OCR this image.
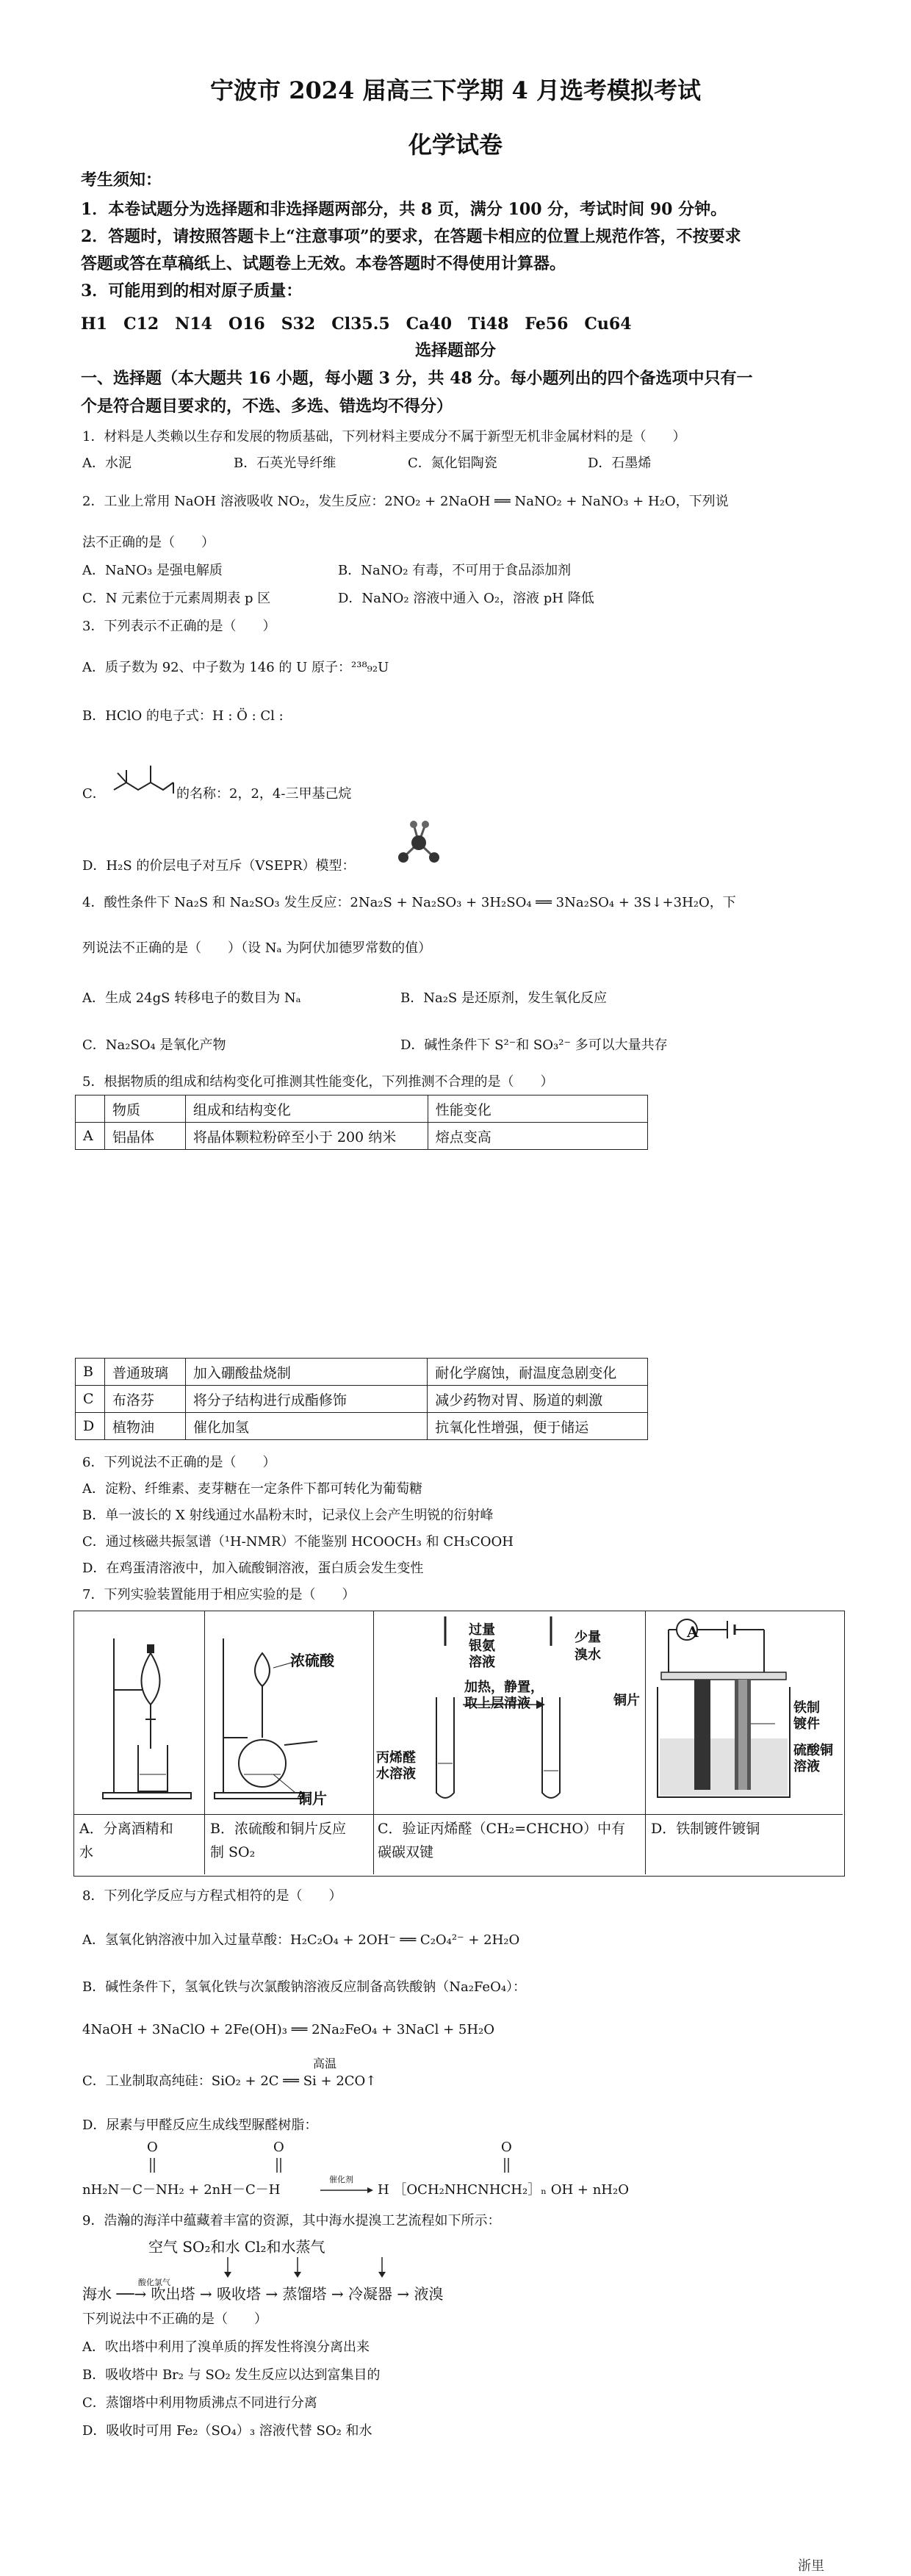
宁波市 2024 届高三下学期 4 月选考模拟考试
化学试卷
考生须知：
1．本卷试题分为选择题和非选择题两部分，共 8 页，满分 100 分，考试时间 90 分钟。
2．答题时，请按照答题卡上“注意事项”的要求，在答题卡相应的位置上规范作答，不按要求
答题或答在草稿纸上、试题卷上无效。本卷答题时不得使用计算器。
3．可能用到的相对原子质量：
H1　C12　N14　O16　S32　Cl35.5　Ca40　Ti48　Fe56　Cu64
选择题部分
一、选择题（本大题共 16 小题，每小题 3 分，共 48 分。每小题列出的四个备选项中只有一
个是符合题目要求的，不选、多选、错选均不得分）
1．材料是人类赖以生存和发展的物质基础，下列材料主要成分不属于新型无机非金属材料的是（　　）
A．水泥	B．石英光导纤维	C．氮化铝陶瓷	D．石墨烯
2．工业上常用 NaOH 溶液吸收 NO₂，发生反应：2NO₂ + 2NaOH ══ NaNO₂ + NaNO₃ + H₂O，下列说
法不正确的是（　　）
A．NaNO₃ 是强电解质	B．NaNO₂ 有毒，不可用于食品添加剂
C．N 元素位于元素周期表 p 区	D．NaNO₂ 溶液中通入 O₂，溶液 pH 降低
3．下列表示不正确的是（　　）
A．质子数为 92、中子数为 146 的 U 原子：²³⁸₉₂U
B．HClO 的电子式：H : Ö : Cl :
C．	的名称：2，2，4-三甲基己烷
D．H₂S 的价层电子对互斥（VSEPR）模型：
4．酸性条件下 Na₂S 和 Na₂SO₃ 发生反应：2Na₂S + Na₂SO₃ + 3H₂SO₄ ══ 3Na₂SO₄ + 3S↓+3H₂O，下
列说法不正确的是（　　）（设 Nₐ 为阿伏加德罗常数的值）
A．生成 24gS 转移电子的数目为 Nₐ	B．Na₂S 是还原剂，发生氧化反应
C．Na₂SO₄ 是氧化产物	D．碱性条件下 S²⁻和 SO₃²⁻ 多可以大量共存
5．根据物质的组成和结构变化可推测其性能变化，下列推测不合理的是（　　）
	物质	组成和结构变化	性能变化
A	铝晶体	将晶体颗粒粉碎至小于 200 纳米	熔点变高
B	普通玻璃	加入硼酸盐烧制	耐化学腐蚀，耐温度急剧变化
C	布洛芬	将分子结构进行成酯修饰	减少药物对胃、肠道的刺激
D	植物油	催化加氢	抗氧化性增强，便于储运
6．下列说法不正确的是（　　）
A．淀粉、纤维素、麦芽糖在一定条件下都可转化为葡萄糖
B．单一波长的 X 射线通过水晶粉末时，记录仪上会产生明锐的衍射峰
C．通过核磁共振氢谱（¹H-NMR）不能鉴别 HCOOCH₃ 和 CH₃COOH
D．在鸡蛋清溶液中，加入硫酸铜溶液，蛋白质会发生变性
7．下列实验装置能用于相应实验的是（　　）
浓硫酸
铜片
过量
银氨
溶液
少量
溴水
加热，静置，
取上层清液
丙烯醛
水溶液
A
铜片	铁制
镀件
硫酸铜
溶液
A．分离酒精和
水
B．浓硫酸和铜片反应
制 SO₂
C．验证丙烯醛（CH₂=CHCHO）中有
碳碳双键
D．铁制镀件镀铜
8．下列化学反应与方程式相符的是（　　）
A．氢氧化钠溶液中加入过量草酸：H₂C₂O₄ + 2OH⁻ ══ C₂O₄²⁻ + 2H₂O
B．碱性条件下，氢氧化铁与次氯酸钠溶液反应制备高铁酸钠（Na₂FeO₄）：
4NaOH + 3NaClO + 2Fe(OH)₃ ══ 2Na₂FeO₄ + 3NaCl + 5H₂O
高温
C．工业制取高纯硅：SiO₂ + 2C ══ Si + 2CO↑
D．尿素与甲醛反应生成线型脲醛树脂：
O	O	O
nH₂N－C－NH₂ + 2nH－C－H
催化剂
H ［OCH₂NHCNHCH₂］ₙ OH + nH₂O
9．浩瀚的海洋中蕴藏着丰富的资源，其中海水提溴工艺流程如下所示：
空气 SO₂和水 Cl₂和水蒸气
酸化氯气
海水 ──→ 吹出塔 → 吸收塔 → 蒸馏塔 → 冷凝器 → 液溴
下列说法中不正确的是（　　）
A．吹出塔中利用了溴单质的挥发性将溴分离出来
B．吸收塔中 Br₂ 与 SO₂ 发生反应以达到富集目的
C．蒸馏塔中利用物质沸点不同进行分离
D．吸收时可用 Fe₂（SO₄）₃ 溶液代替 SO₂ 和水
浙里
